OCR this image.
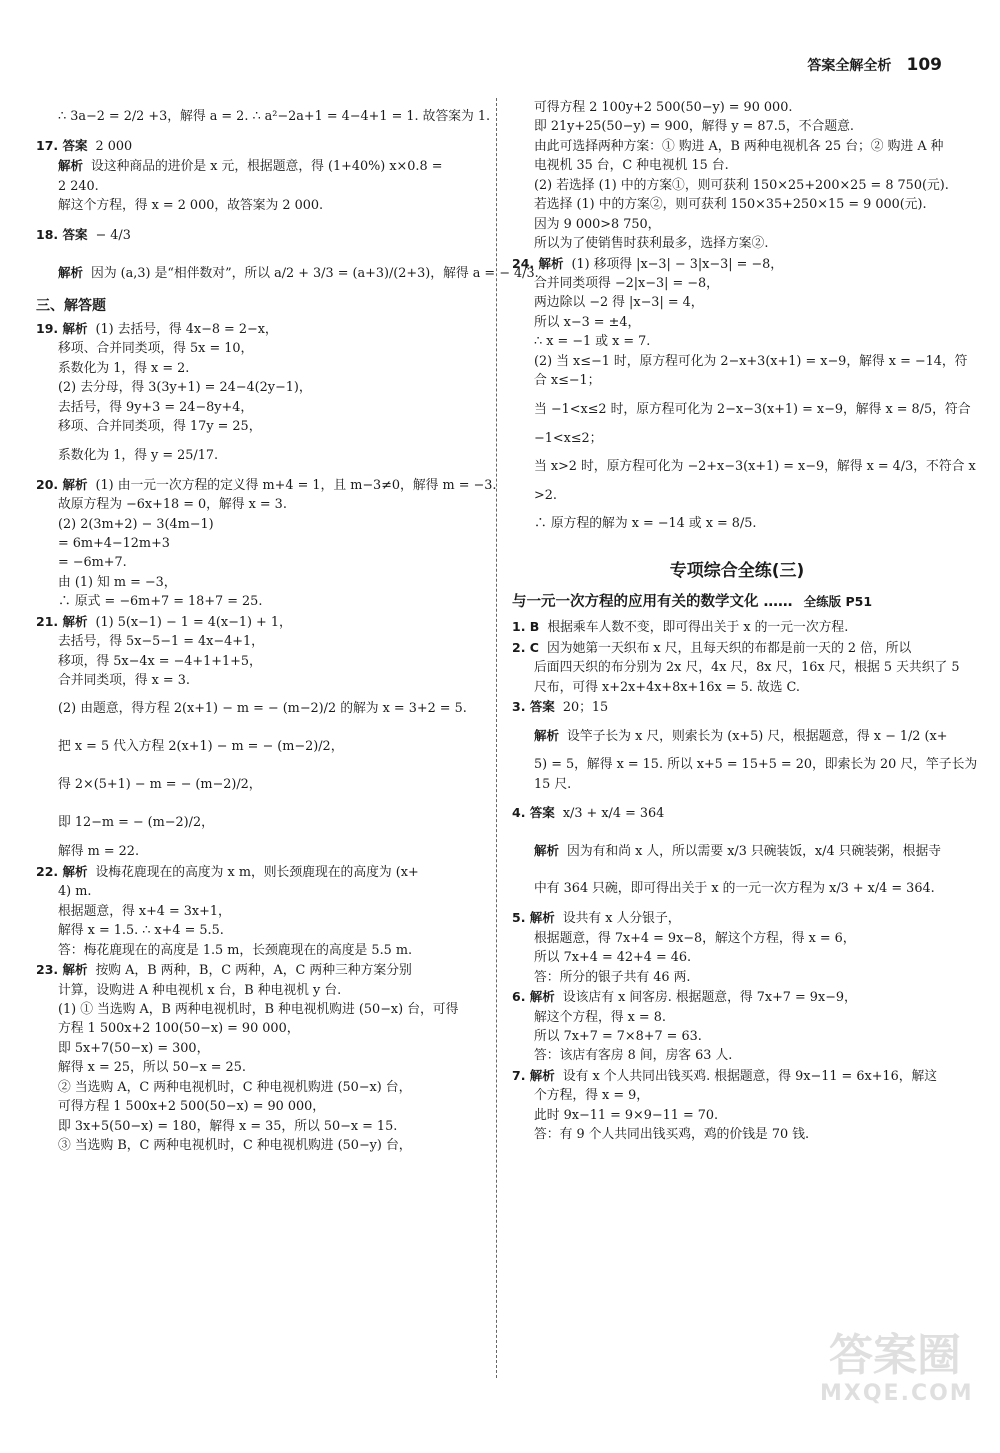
答案全解全析 109
∴ 3a−2 = 2/2 +3，解得 a = 2. ∴ a²−2a+1 = 4−4+1 = 1. 故答案为 1.
17. 答案 2 000
解析 设这种商品的进价是 x 元，根据题意，得 (1+40%) x×0.8 =
2 240.
解这个方程，得 x = 2 000，故答案为 2 000.
18. 答案 − 4/3
解析 因为 (a,3) 是“相伴数对”，所以 a/2 + 3/3 = (a+3)/(2+3)，解得 a = − 4/3.
三、解答题
19. 解析 (1) 去括号，得 4x−8 = 2−x，
移项、合并同类项，得 5x = 10，
系数化为 1，得 x = 2.
(2) 去分母，得 3(3y+1) = 24−4(2y−1)，
去括号，得 9y+3 = 24−8y+4，
移项、合并同类项，得 17y = 25，
系数化为 1，得 y = 25/17.
20. 解析 (1) 由一元一次方程的定义得 m+4 = 1，且 m−3≠0，解得 m = −3.
故原方程为 −6x+18 = 0，解得 x = 3.
(2) 2(3m+2) − 3(4m−1)
= 6m+4−12m+3
= −6m+7.
由 (1) 知 m = −3，
∴ 原式 = −6m+7 = 18+7 = 25.
21. 解析 (1) 5(x−1) − 1 = 4(x−1) + 1，
去括号，得 5x−5−1 = 4x−4+1，
移项，得 5x−4x = −4+1+1+5，
合并同类项，得 x = 3.
(2) 由题意，得方程 2(x+1) − m = − (m−2)/2 的解为 x = 3+2 = 5.
把 x = 5 代入方程 2(x+1) − m = − (m−2)/2，
得 2×(5+1) − m = − (m−2)/2，
即 12−m = − (m−2)/2，
解得 m = 22.
22. 解析 设梅花鹿现在的高度为 x m，则长颈鹿现在的高度为 (x+
4) m.
根据题意，得 x+4 = 3x+1，
解得 x = 1.5. ∴ x+4 = 5.5.
答：梅花鹿现在的高度是 1.5 m，长颈鹿现在的高度是 5.5 m.
23. 解析 按购 A，B 两种，B，C 两种，A，C 两种三种方案分别
计算，设购进 A 种电视机 x 台，B 种电视机 y 台.
(1) ① 当选购 A，B 两种电视机时，B 种电视机购进 (50−x) 台，可得
方程 1 500x+2 100(50−x) = 90 000，
即 5x+7(50−x) = 300，
解得 x = 25，所以 50−x = 25.
② 当选购 A，C 两种电视机时，C 种电视机购进 (50−x) 台，
可得方程 1 500x+2 500(50−x) = 90 000，
即 3x+5(50−x) = 180，解得 x = 35，所以 50−x = 15.
③ 当选购 B，C 两种电视机时，C 种电视机购进 (50−y) 台，
可得方程 2 100y+2 500(50−y) = 90 000.
即 21y+25(50−y) = 900，解得 y = 87.5，不合题意.
由此可选择两种方案：① 购进 A，B 两种电视机各 25 台；② 购进 A 种
电视机 35 台，C 种电视机 15 台.
(2) 若选择 (1) 中的方案①，则可获利 150×25+200×25 = 8 750(元).
若选择 (1) 中的方案②，则可获利 150×35+250×15 = 9 000(元).
因为 9 000>8 750，
所以为了使销售时获利最多，选择方案②.
24. 解析 (1) 移项得 |x−3| − 3|x−3| = −8，
合并同类项得 −2|x−3| = −8，
两边除以 −2 得 |x−3| = 4，
所以 x−3 = ±4，
∴ x = −1 或 x = 7.
(2) 当 x≤−1 时，原方程可化为 2−x+3(x+1) = x−9，解得 x = −14，符
合 x≤−1；
当 −1<x≤2 时，原方程可化为 2−x−3(x+1) = x−9，解得 x = 8/5，符合
−1<x≤2；
当 x>2 时，原方程可化为 −2+x−3(x+1) = x−9，解得 x = 4/3，不符合 x
>2.
∴ 原方程的解为 x = −14 或 x = 8/5.
专项综合全练(三)
与一元一次方程的应用有关的数学文化 …… 全练版 P51
1. B 根据乘车人数不变，即可得出关于 x 的一元一次方程.
2. C 因为她第一天织布 x 尺，且每天织的布都是前一天的 2 倍，所以
后面四天织的布分别为 2x 尺，4x 尺，8x 尺，16x 尺，根据 5 天共织了 5
尺布，可得 x+2x+4x+8x+16x = 5. 故选 C.
3. 答案 20；15
解析 设竿子长为 x 尺，则索长为 (x+5) 尺，根据题意，得 x − 1/2 (x+
5) = 5，解得 x = 15. 所以 x+5 = 15+5 = 20，即索长为 20 尺，竿子长为
15 尺.
4. 答案 x/3 + x/4 = 364
解析 因为有和尚 x 人，所以需要 x/3 只碗装饭，x/4 只碗装粥，根据寺
中有 364 只碗，即可得出关于 x 的一元一次方程为 x/3 + x/4 = 364.
5. 解析 设共有 x 人分银子，
根据题意，得 7x+4 = 9x−8，解这个方程，得 x = 6，
所以 7x+4 = 42+4 = 46.
答：所分的银子共有 46 两.
6. 解析 设该店有 x 间客房. 根据题意，得 7x+7 = 9x−9，
解这个方程，得 x = 8.
所以 7x+7 = 7×8+7 = 63.
答：该店有客房 8 间，房客 63 人.
7. 解析 设有 x 个人共同出钱买鸡. 根据题意，得 9x−11 = 6x+16，解这
个方程，得 x = 9，
此时 9x−11 = 9×9−11 = 70.
答：有 9 个人共同出钱买鸡，鸡的价钱是 70 钱.
答案圈
MXQE.COM
